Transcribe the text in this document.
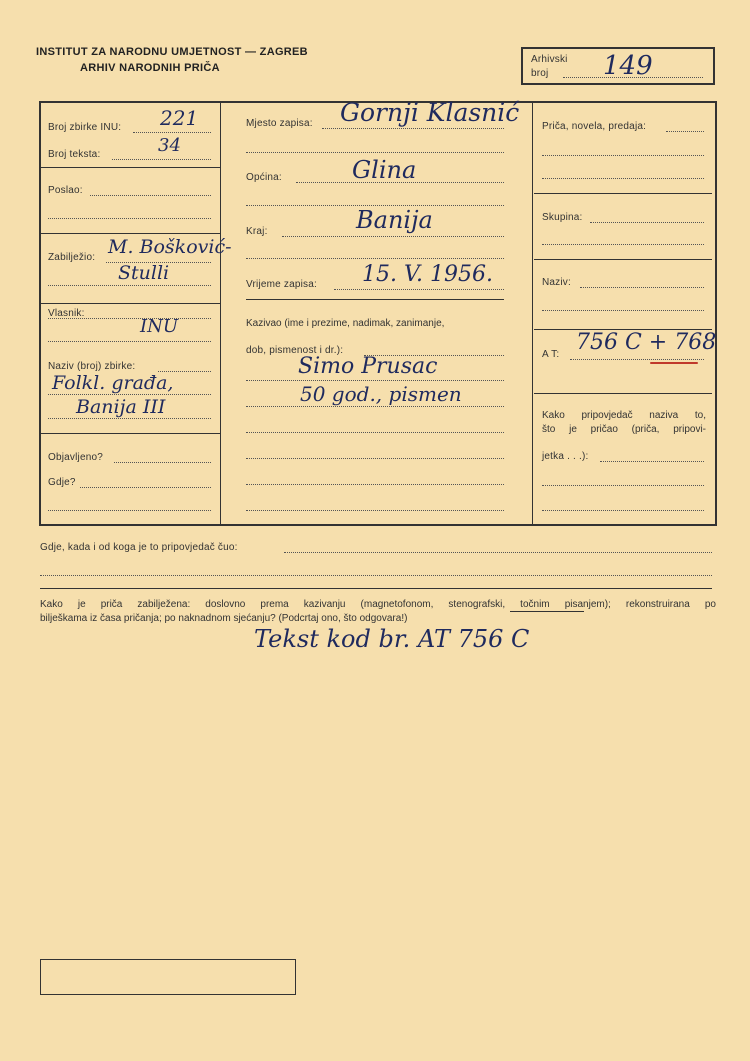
INSTITUT ZA NARODNU UMJETNOST — ZAGREB
ARHIV NARODNIH PRIČA
Arhivski
broj 149
Broj zbirke INU: 221
Broj teksta:	34
Poslao:
Zabilježio: M. Bošković-
Stulli
Vlasnik:
INU
Naziv (broj) zbirke:
Folkl. građa,
Banija III
Objavljeno?
Gdje?
Mjesto zapisa: Gornji Klasnić
Općina:	Glina
Kraj:	Banija
Vrijeme zapisa: 15. V. 1956.
Kazivao (ime i prezime, nadimak, zanimanje,
dob, pismenost i dr.):
Simo Prusac
50 god., pismen
Priča, novela, predaja:
Skupina:
Naziv:
A T: 756 C + 768
Kako pripovjedač naziva to,
što je pričao (priča, pripovi-
jetka . . .):
Gdje, kada i od koga je to pripovjedač čuo:
Kako je priča zabilježena: doslovno prema kazivanju (magnetofonom, stenografski, točnim pisanjem); rekonstruirana po
bilješkama iz časa pričanja; po naknadnom sjećanju? (Podcrtaj ono, što odgovara!)
Tekst kod br. AT 756 C
